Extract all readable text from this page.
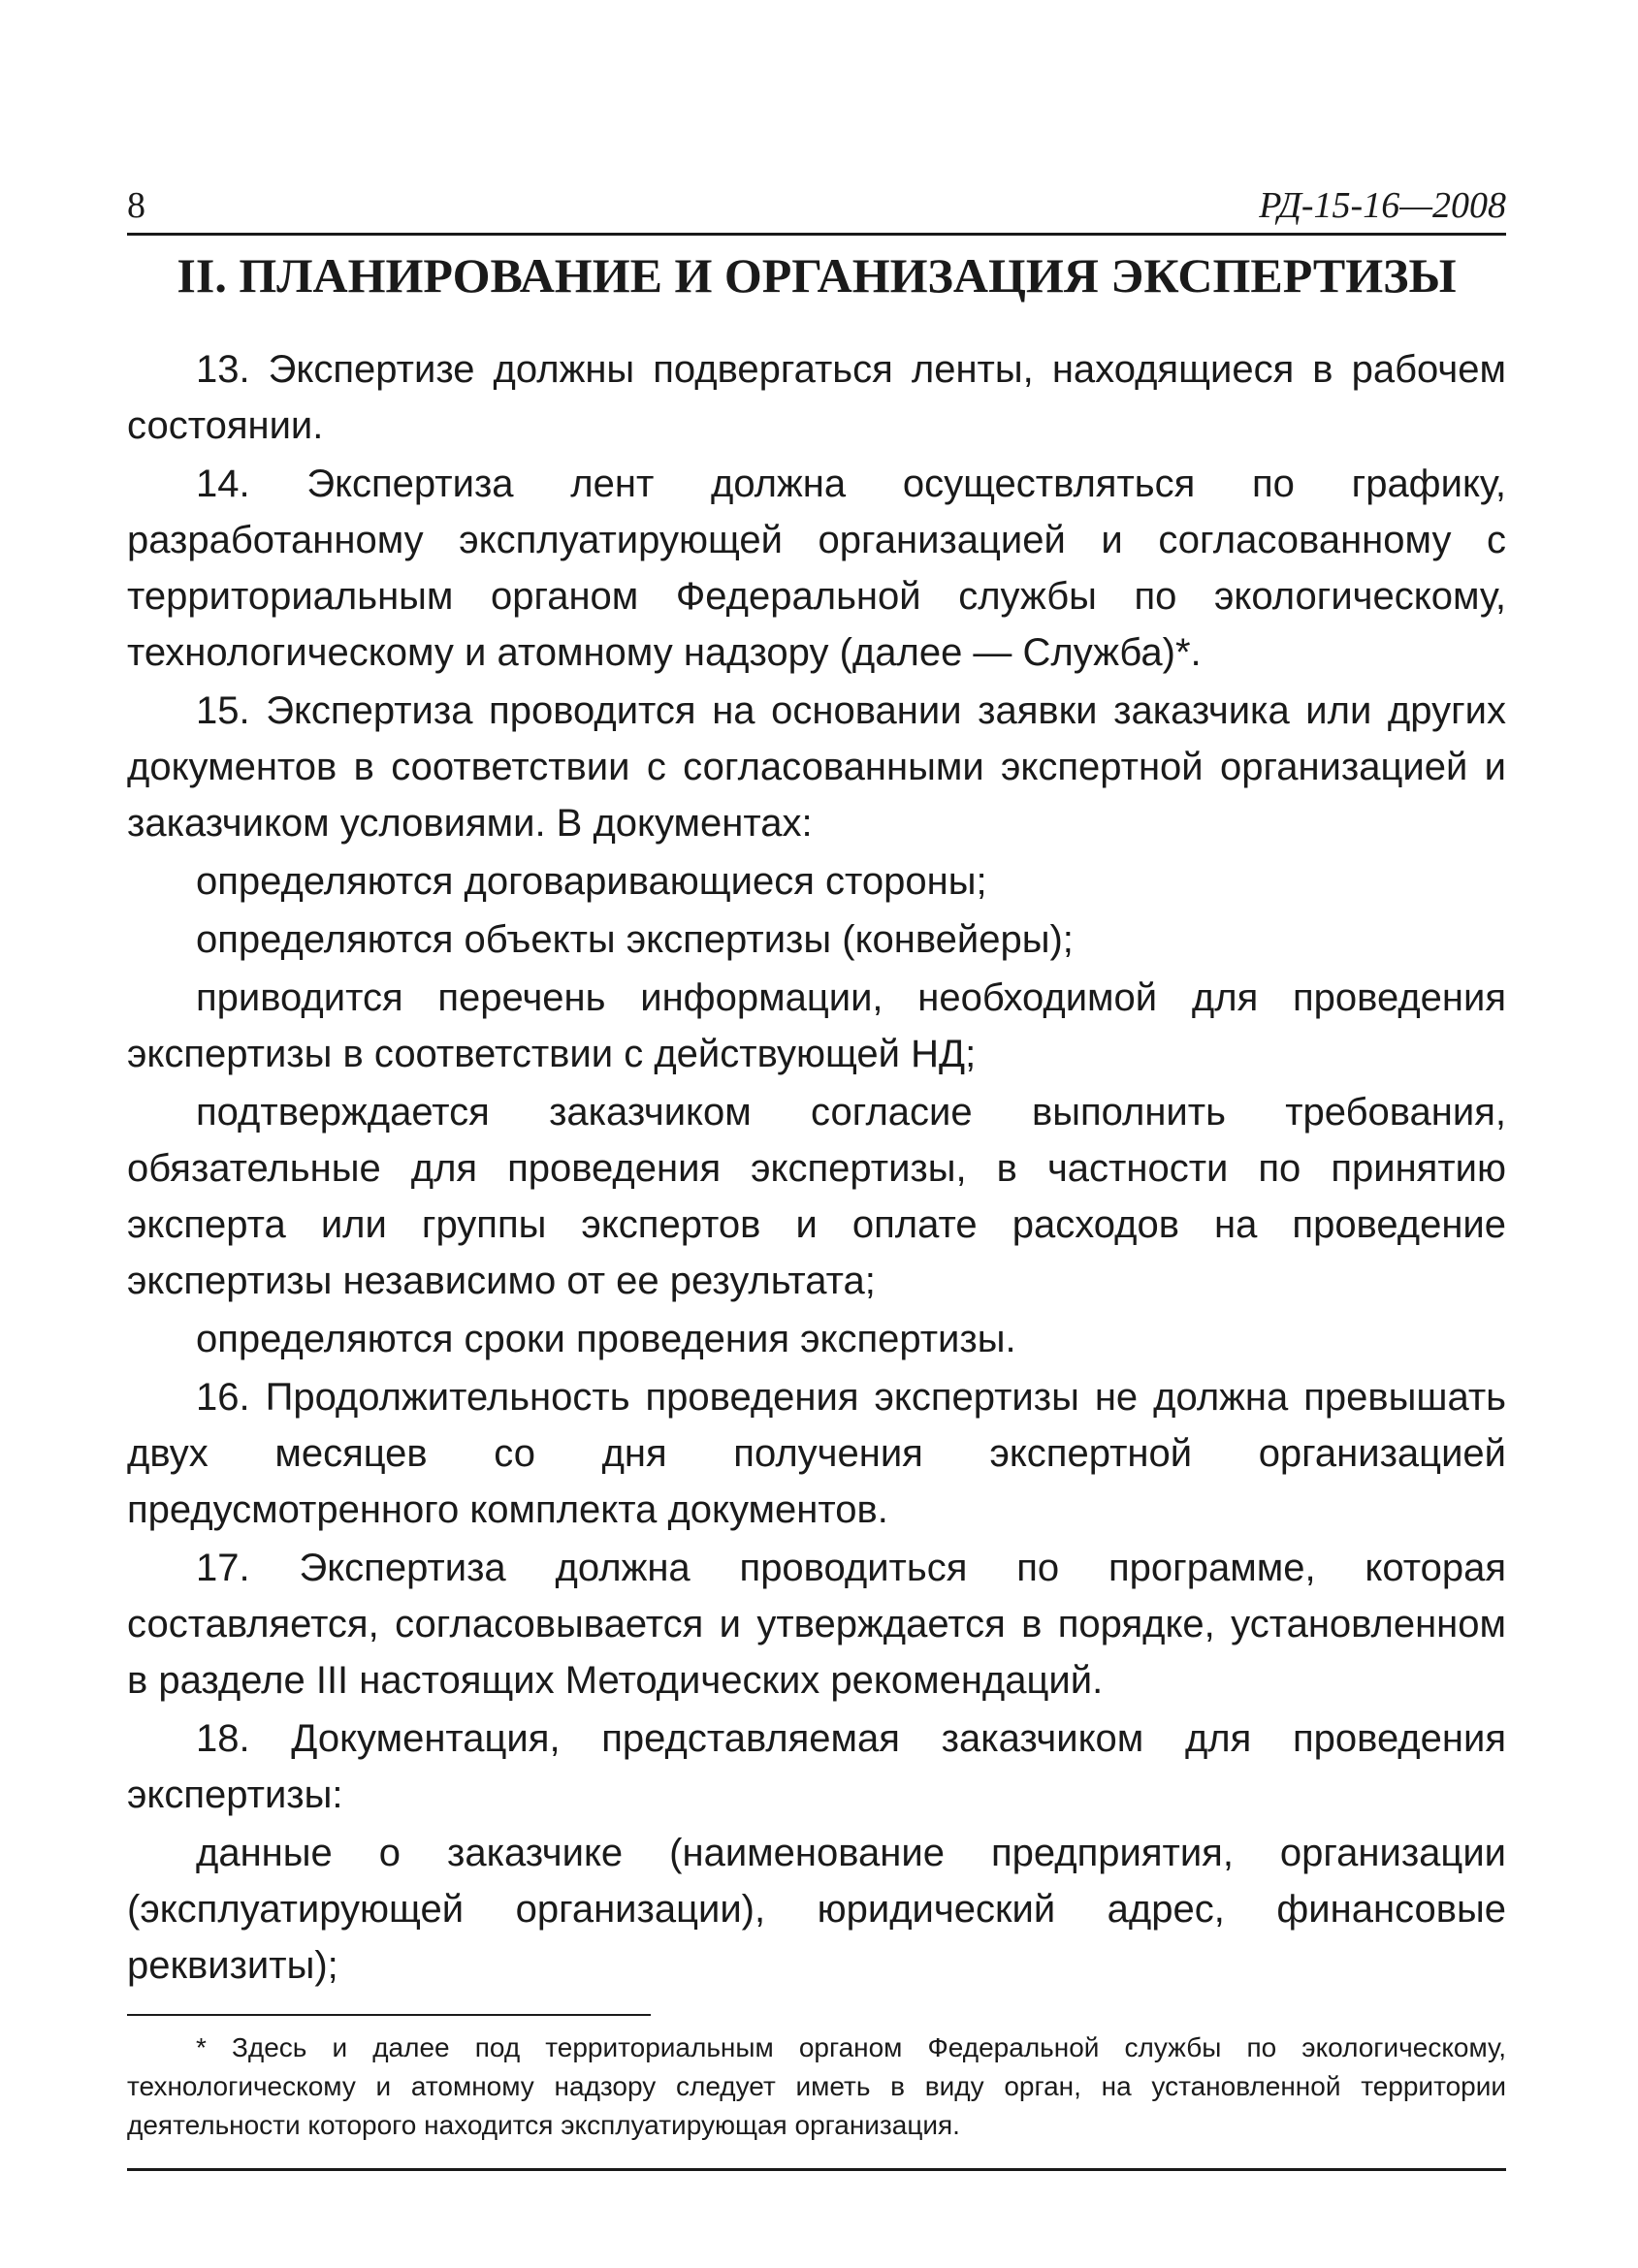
8	РД-15-16—2008
II. ПЛАНИРОВАНИЕ И ОРГАНИЗАЦИЯ ЭКСПЕРТИЗЫ

13. Экспертизе должны подвергаться ленты, находящиеся в рабочем состоянии.

14. Экспертиза лент должна осуществляться по графику, разработанному эксплуатирующей организацией и согласованному с территориальным органом Федеральной службы по экологическому, технологическому и атомному надзору (далее — Служба)*.

15. Экспертиза проводится на основании заявки заказчика или других документов в соответствии с согласованными экспертной организацией и заказчиком условиями. В документах:

определяются договаривающиеся стороны;

определяются объекты экспертизы (конвейеры);

приводится перечень информации, необходимой для проведения экспертизы в соответствии с действующей НД;

подтверждается заказчиком согласие выполнить требования, обязательные для проведения экспертизы, в частности по принятию эксперта или группы экспертов и оплате расходов на проведение экспертизы независимо от ее результата;

определяются сроки проведения экспертизы.

16. Продолжительность проведения экспертизы не должна превышать двух месяцев со дня получения экспертной организацией предусмотренного комплекта документов.

17. Экспертиза должна проводиться по программе, которая составляется, согласовывается и утверждается в порядке, установленном в разделе III настоящих Методических рекомендаций.

18. Документация, представляемая заказчиком для проведения экспертизы:

данные о заказчике (наименование предприятия, организации (эксплуатирующей организации), юридический адрес, финансовые реквизиты);

* Здесь и далее под территориальным органом Федеральной службы по экологическому, технологическому и атомному надзору следует иметь в виду орган, на установленной территории деятельности которого находится эксплуатирующая организация.
